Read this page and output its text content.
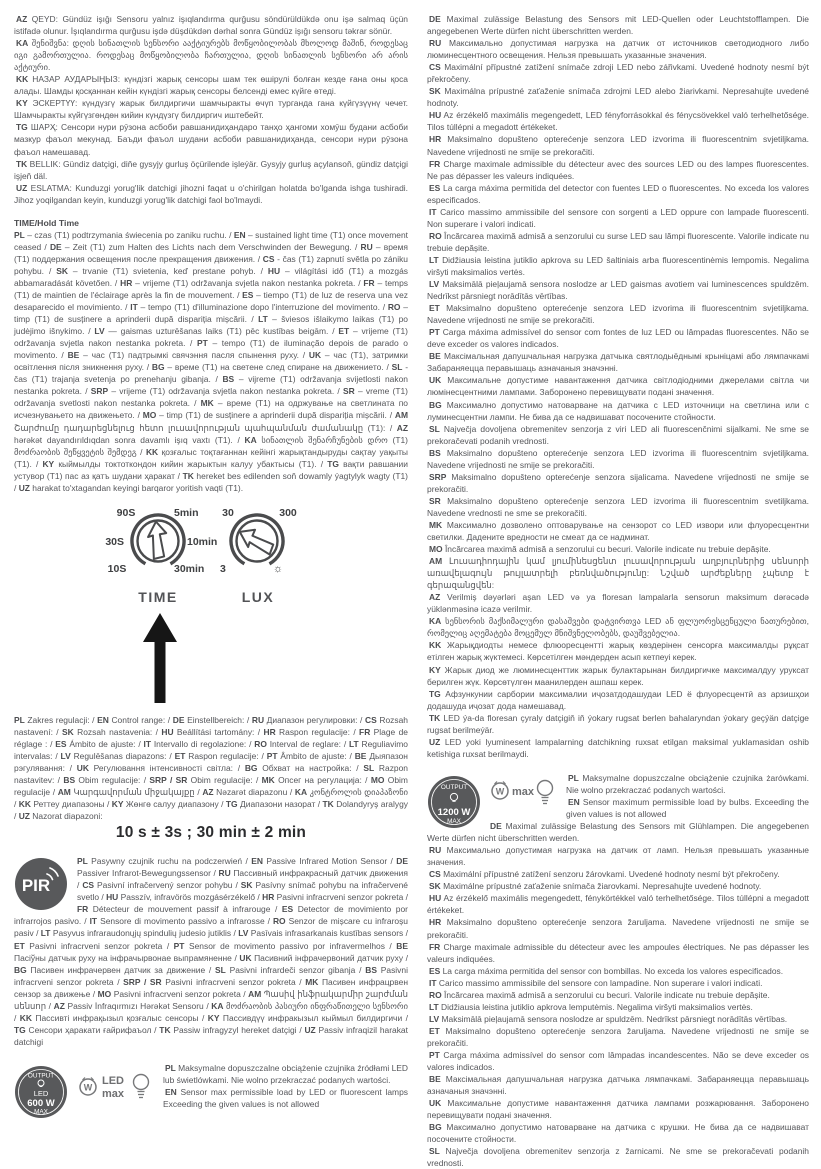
AZ QEYD: Gündüz işığı Sensoru yalnız işıqlandırma qurğusu söndürüldükdə onu işə salmaq üçün istifadə olunur. İşıqlandırma qurğusu işdə düşdükdən dərhal sonra Gündüz işığı sensoru təkrar sönür.

KA შენიშვნა: დღის სინათლის სენსორი ააქტიურებს მოწყობილობას მხოლოდ მაშინ, როდესაც იგი გამორთულია. როდესაც მოწყობილობა ჩართულია, დღის სინათლის სენსორი არ არის აქტიური.

KK НАЗАР АУДАРЫҢЫЗ: күндізгі жарық сенсоры шам тек өшірулі болған кезде ғана оны қоса алады. Шамды қосқаннан кейін күндізгі жарық сенсоры белсенді емес күйге өтеді.

KY ЭСКЕРТҮҮ: күндүзгү жарык билдиргичи шамчыракты өчүп турганда гана күйгүзүүнү чечет. Шамчыракты күйгүзгөндөн кийин күндүзгү билдиргич иштебейт.

TG ШАРҲ: Сенсори нури рӯзона асбоби равшанидиҳандаро танҳо ҳангоми хомӯш будани асбоби мазкур фаъол мекунад. Баъди фаъол шудани асбоби равшанидиҳанда, сенсори нури рӯзона фаъол намешавад.

TK BELLIK: Gündiz datçigi, diňe gysyjy gurluş öçürilende işleýär. Gysyjy gurluş açylansoň, gündiz datçigi işjeň däl.

UZ ESLATMA: Kunduzgi yorug'lik datchigi jihozni faqat u o'chirilgan holatda bo'lganda ishga tushiradi. Jihoz yoqilgandan keyin, kunduzgi yorug'lik datchigi faol bo'lmaydi.

TIME/Hold Time

PL – czas (T1) podtrzymania świecenia po zaniku ruchu. / EN – sustained light time (T1) once movement ceased / DE – Zeit (T1) zum Halten des Lichts nach dem Verschwinden der Bewegung. / RU – время (T1) поддержания освещения после прекращения движения. / CS - čas (T1) zapnutí světla po zániku pohybu. / SK – trvanie (T1) svietenia, keď prestane pohyb. / HU – világítási idő (T1) a mozgás abbamaradását követően. / HR – vrijeme (T1) održavanja svjetla nakon nestanka pokreta. / FR – temps (T1) de maintien de l'éclairage après la fin de mouvement. / ES – tiempo (T1) de luz de reserva una vez desaparecido el movimiento. / IT – tempo (T1) d'illuminazione dopo l'interruzione del movimento. / RO – timp (T1) de susținere a aprinderii după dispariția mișcării. / LT – šviesos išlaikymo laikas (T1) po judėjimo išnykimo. / LV — gaismas uzturēšanas laiks (T1) pēc kustības beigām. / ET – vrijeme (T1) održavanja svjetla nakon nestanka pokreta. / PT – tempo (T1) de iluminação depois de parado o movimento. / BE – час (T1) падтрымкі свячэння пасля спынення руху. / UK – час (T1), затримки освітлення після зникнення руху. / BG – време (T1) на светене след спиране на движението. / SL - čas (T1) trajanja svetenja po prenehanju gibanja. / BS – vijreme (T1) održavanja svijetlosti nakon nestanka pokreta. / SRP – vrijeme (T1) održavanja svjetla nakon nestanka pokreta. / SR – vreme (T1) održavanja svetlosti nakon nestanka pokreta. / MK – време (T1) на одржување на светлината по исчезнувањето на движењето. / MO – timp (T1) de susținere a aprinderii după dispariția mișcării. / AM Շարժումը դադարեցնելուց հետո լուսավորության պահպանման ժամանակը (T1): / AZ hərəkət dayandırıldıqdan sonra davamlı işıq vaxtı (T1). / KA სინათლის შენარჩუნების დრო (T1) მოძრაობის შეწყვეტის შემდეგ / KK қозғалыс тоқтағаннан кейінгі жарықтандыруды сақтау уақыты (T1). / KY кыймылды токтоткондон кийин жарыктын калуу убактысы (T1). / TG вақти равшании устувор (T1) пас аз қатъ шудани ҳаракат / TK hereket bes edilenden soň dowamly ýagtylyk wagty (T1) / UZ harakat to'xtagandan keyingi barqaror yoritish vaqti (T1).

90S	5min
30S	10min
10S	30min
30	300
3	☼
TIME	LUX

PL Zakres regulacji: / EN Control range: / DE Einstellbereich: / RU Диапазон регулировки: / CS Rozsah nastavení: / SK Rozsah nastavenia: / HU Beállítási tartomány: / HR Raspon regulacije: / FR Plage de réglage : / ES Ámbito de ajuste: / IT Intervallo di regolazione: / RO Interval de reglare: / LT Reguliavimo intervalas: / LV Regulēšanas diapazons: / ET Raspon regulacije: / PT Âmbito de ajuste: / BE Дыяпазон рэгулявання: / UK Регулювання інтенсивності світла: / BG Обхват на настройка: / SL Razpon nastavitev: / BS Obim regulacije: / SRP / SR Obim regulacije: / MK Опсег на регулација: / MO Obim regulacije / AM Կարգավորման միջակայքը / AZ Nəzarət diapazonu / KA კონტროლის დიაპაზონი / KK Реттеу диапазоны / KY Жөнгө салуу диапазону / TG Диапазони назорат / TK Dolandyryş aralygy / UZ Nazorat diapazoni:

10 s ± 3s ; 30 min ± 2 min
PIR

PL Pasywny czujnik ruchu na podczerwień / EN Passive Infrared Motion Sensor / DE Passiver Infrarot-Bewegungssensor / RU Пассивный инфракрасный датчик движения / CS Pasivní infračervený senzor pohybu / SK Pasívny snímač pohybu na infračervené svetlo / HU Passzív, infravörös mozgásérzékelő / HR Pasivni infracrveni senzor pokreta / FR Détecteur de mouvement passif à infrarouge / ES Detector de movimiento por infrarrojos pasivo. / IT Sensore di movimento passivo a infrarosse / RO Senzor de mișcare cu infraroșu pasiv / LT Pasyvus infraraudonųjų spindulių judesio jutiklis / LV Pasīvais infrasarkanais kustības sensors / ET Pasivni infracrveni senzor pokreta / PT Sensor de movimento passivo por infravermelhos / BE Пасіўны датчык руху на інфрачырвонае выпрамяненне / UK Пасивний інфрачервоний датчик руху / BG Пасивен инфрачервен датчик за движение / SL Pasivni infrardeči senzor gibanja / BS Pasivni infracrveni senzor pokreta / SRP / SR Pasivni infracrveni senzor pokreta / MK Пасивен инфрацрвен сензор за движење / MO Pasivni infracrveni senzor pokreta / AM Պասիվ ինֆրակարմիր շարժման սենսոր / AZ Passiv İnfraqırmızı Hərəkət Sensoru / KA მოძრაობის პასიური ინფრაწითელი სენსორი / KK Пассивті инфрақызыл қозғалыс сенсоры / KY Пассивдүү инфракызыл кыймыл билдиргичи / TG Сенсори ҳаракати ғайрифаъол / TK Passiw infragyzyl hereket datçigi / UZ Passiv infraqizil harakat datchigi

OUTPUT
LED
600 W
MAX
W
LED
max

PL Maksymalne dopuszczalne obciążenie czujnika źródłami LED lub świetlówkami. Nie wolno przekraczać podanych wartości.

EN Sensor max permissible load by LED or fluorescent lamps Exceeding the given values is not allowed

DE Maximal zulässige Belastung des Sensors mit LED-Quellen oder Leuchtstofflampen. Die angegebenen Werte dürfen nicht überschritten werden.

RU Максимально допустимая нагрузка на датчик от источников светодиодного либо люминесцентного освещения. Нельзя превышать указанные значения.

CS Maximální přípustné zatížení snímače zdroji LED nebo zářivkami. Uvedené hodnoty nesmí být překročeny.

SK Maximálna prípustné zaťaženie snímača zdrojmi LED alebo žiarivkami. Nepresahujte uvedené hodnoty.

HU Az érzékelő maximális megengedett, LED fényforrásokkal és fénycsövekkel való terhelhetősége. Tilos túllépni a megadott értékeket.

HR Maksimalno dopušteno opterećenje senzora LED izvorima ili fluorescentnim svjetiljkama. Navedene vrijednosti ne smije se prekoračiti.

FR Charge maximale admissible du détecteur avec des sources LED ou des lampes fluorescentes. Ne pas dépasser les valeurs indiquées.

ES La carga máxima permitida del detector con fuentes LED o fluorescentes. No exceda los valores especificados.

IT Carico massimo ammissibile del sensore con sorgenti a LED oppure con lampade fluorescenti. Non superare i valori indicati.

RO Încărcarea maximă admisă a senzorului cu surse LED sau lămpi fluorescente. Valorile indicate nu trebuie depășite.

LT Didžiausia leistina jutiklio apkrova su LED šaltiniais arba fluorescentinėmis lempomis. Negalima viršyti maksimalios vertės.

LV Maksimālā pieļaujamā sensora noslodze ar LED gaismas avotiem vai luminescences spuldzēm. Nedrīkst pārsniegt norādītās vērtības.

ET Maksimalno dopušteno opterećenje senzora LED izvorima ili fluorescentnim svjetiljkama. Navedene vrijednosti ne smije se prekoračiti.

PT Carga máxima admissível do sensor com fontes de luz LED ou lâmpadas fluorescentes. Não se deve exceder os valores indicados.

BE Максімальная дапушчальная нагрузка датчыка святлодыёднымі крыніцамі або лямпачкамі Забараняецца перавышаць азначаныя значэнні.

UK Максимальне допустиме навантаження датчика світлодіодними джерелами світла чи люмінесцентними лампами. Заборонено перевищувати подані значення.

BG Максимално допустимо натоварване на датчика с LED източници на светлина или с луминесцентни лампи. Не бива да се надвишават посочените стойности.

SL Največja dovoljena obremenitev senzorja z viri LED ali fluorescenčnimi sijalkami. Ne sme se prekoračevati podanih vrednosti.

BS Maksimalno dopušteno opterećenje senzora LED izvorima ili fluorescentnim svjetiljkama. Navedene vrijednosti ne smije se prekoračiti.

SRP Maksimalno dopušteno opterećenje senzora sijalicama. Navedene vrijednosti ne smije se prekoračiti.

SR Maksimalno dopušteno opterećenje senzora LED izvorima ili fluorescentnim svetiljkama. Navedene vrednosti ne sme se prekoračiti.

MK Максимално дозволено оптоварување на сензорот со LED извори или флуоресцентни светилки. Дадените вредности не смеат да се надминат.

MO Încărcarea maximă admisă a senzorului cu becuri. Valorile indicate nu trebuie depășite.

AM Լուսադիոդային կամ լյումինեսցենտ լուսավորության աղբյուրներից սենսորի առավելագույն թույլատրելի բեռնվածությունը: Նշված արժեքները չպետք է գերազանցվեն:

AZ Verilmiş dəyərləri aşan LED və ya floresan lampalarla sensorun maksimum dərəcədə yüklənməsinə icazə verilmir.

KA სენსორის მაქსიმალური დასაშვები დატვირთვა LED ან ფლუორესცენცული ნათურებით, რომელიც აღემატება მოცემულ მნიშვნელობებს, დაუშვებელია.

KK Жарықдиодты немесе флюоресцентті жарық көздерінен сенсорға максималды рұқсат етілген жарық жүктемесі. Көрсетілген мәндерден асып кетпеуі керек.

KY Жарык диод же люминесценттик жарык булактарынан билдиргичке максималдуу уруксат берилген жүк. Көрсөтүлгөн маанилерден ашпаш керек.

TG Афзункунии сарбории максималии иҷозатдодашудаи LED ё флуоресцентӣ аз арзишҳои додашуда иҷозат дода намешавад.

TK LED ýa-da floresan çyraly datçigiň iň ýokary rugsat berlen bahalaryndan ýokary geçýän datçige rugsat berilmeýär.

UZ LED yoki lyuminesent lampalarning datchikning ruxsat etilgan maksimal yuklamasidan oshib ketishiga ruxsat berilmaydi.

OUTPUT
1200 W
MAX
W max

PL Maksymalne dopuszczalne obciążenie czujnika żarówkami. Nie wolno przekraczać podanych wartości.

EN Sensor maximum permissible load by bulbs. Exceeding the given values is not allowed

DE Maximal zulässige Belastung des Sensors mit Glühlampen. Die angegebenen Werte dürfen nicht überschritten werden.

RU Максимально допустимая нагрузка на датчик от ламп. Нельзя превышать указанные значения.

CS Maximální přípustné zatížení senzoru žárovkami. Uvedené hodnoty nesmí být překročeny.

SK Maximálne prípustné zaťaženie snímača žiarovkami. Nepresahujte uvedené hodnoty.

HU Az érzékelő maximális megengedett, fénykörtékkel való terhelhetősége. Tilos túllépni a megadott értékeket.

HR Maksimalno dopušteno opterećenje senzora žaruljama. Navedene vrijednosti ne smije se prekoračiti.

FR Charge maximale admissible du détecteur avec les ampoules électriques. Ne pas dépasser les valeurs indiquées.

ES La carga máxima permitida del sensor con bombillas. No exceda los valores especificados.

IT Carico massimo ammissibile del sensore con lampadine. Non superare i valori indicati.

RO Încărcarea maximă admisă a senzorului cu becuri. Valorile indicate nu trebuie depășite.

LT Didžiausia leistina jutiklio apkrova lemputėmis. Negalima viršyti maksimalios vertės.

LV Maksimālā pieļaujamā sensora noslodze ar spuldzēm. Nedrīkst pārsniegt norādītās vērtības.

ET Maksimalno dopušteno opterećenje senzora žaruljama. Navedene vrijednosti ne smije se prekoračiti.

PT Carga máxima admissível do sensor com lâmpadas incandescentes. Não se deve exceder os valores indicados.

BE Максімальная дапушчальная нагрузка датчыка лямпачкамі. Забараняецца перавышаць азначаныя значэнні.

UK Максимальне допустиме навантаження датчика лампами розжарювання. Заборонено перевищувати подані значення.

BG Максимално допустимо натоварване на датчика с крушки. Не бива да се надвишават посочените стойности.

SL Največja dovoljena obremenitev senzorja z žarnicami. Ne sme se prekoračevati podanih vrednosti.
